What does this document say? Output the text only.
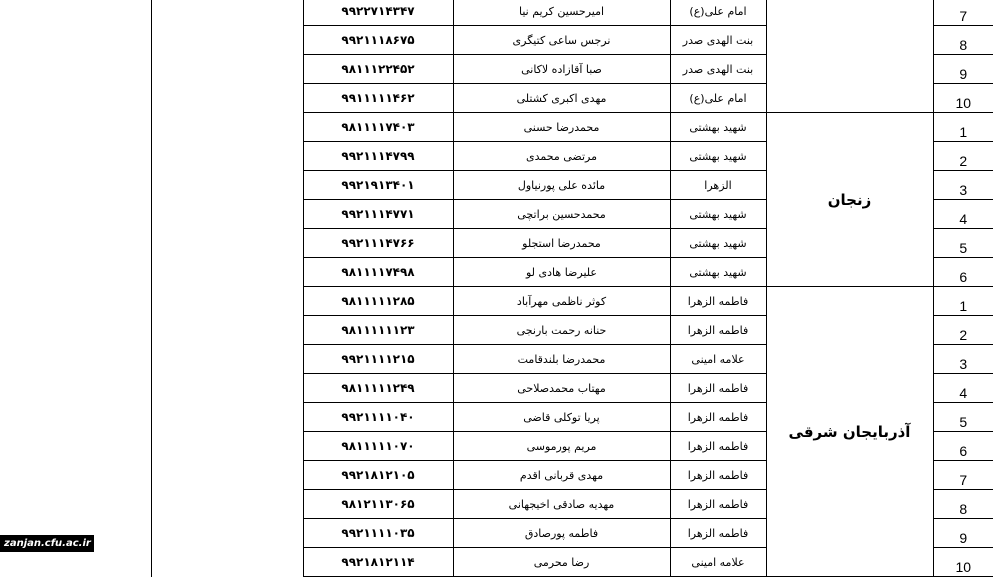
		۹۹۲۲۷۱۴۳۴۷	امیرحسین کریم نیا	امام علی(ع)		7
		۹۹۲۱۱۱۸۶۷۵	نرجس ساعی کتیگری	بنت الهدی صدر		8
		۹۸۱۱۱۲۲۴۵۲	صبا آقازاده لاکانی	بنت الهدی صدر		9
		۹۹۱۱۱۱۱۴۶۲	مهدی اکبری کشتلی	امام علی(ع)		10
		۹۸۱۱۱۱۷۴۰۳	محمدرضا حسنی	شهید بهشتی	زنجان	1
		۹۹۲۱۱۱۴۷۹۹	مرتضی محمدی	شهید بهشتی		2
		۹۹۲۱۹۱۳۴۰۱	مائده علی پورنیاول	الزهرا		3
		۹۹۲۱۱۱۴۷۷۱	محمدحسین براتچی	شهید بهشتی		4
		۹۹۲۱۱۱۴۷۶۶	محمدرضا استجلو	شهید بهشتی		5
		۹۸۱۱۱۱۷۴۹۸	علیرضا هادی لو	شهید بهشتی		6
		۹۸۱۱۱۱۱۲۸۵	کوثر ناظمی مهرآباد	فاطمه الزهرا	آذربایجان شرقی	1
		۹۸۱۱۱۱۱۱۲۳	حنانه رحمت بارنجی	فاطمه الزهرا		2
		۹۹۲۱۱۱۱۲۱۵	محمدرضا بلندقامت	علامه امینی		3
		۹۸۱۱۱۱۱۲۴۹	مهتاب محمدصلاحی	فاطمه الزهرا		4
		۹۹۲۱۱۱۱۰۴۰	پریا توکلی قاضی	فاطمه الزهرا		5
		۹۸۱۱۱۱۱۰۷۰	مریم پورموسی	فاطمه الزهرا		6
		۹۹۲۱۸۱۲۱۰۵	مهدی قربانی اقدم	فاطمه الزهرا		7
		۹۸۱۲۱۱۳۰۶۵	مهدیه صادقی اخیجهانی	فاطمه الزهرا		8
		۹۹۲۱۱۱۱۰۳۵	فاطمه پورصادق	فاطمه الزهرا		9
		۹۹۲۱۸۱۲۱۱۴	رضا محرمی	علامه امینی		10
zanjan.cfu.ac.ir
